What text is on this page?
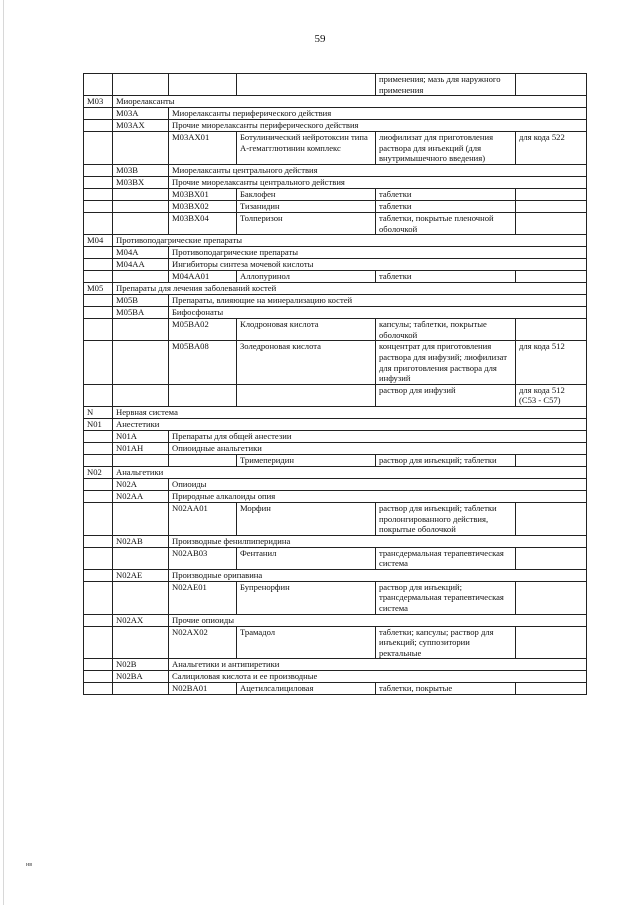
59
				применения; мазь для наружного применения	
M03	Миорелаксанты				
	M03A	Миорелаксанты периферического действия			
	M03AX	Прочие миорелаксанты периферического действия			
		M03AX01	Ботулинический нейротоксин типа А-гемагглютинин комплекс	лиофилизат для приготовления раствора для инъекций (для внутримышечного введения)	для кода 522
	M03B	Миорелаксанты центрального действия			
	M03BX	Прочие миорелаксанты центрального действия			
		M03BX01	Баклофен	таблетки	
		M03BX02	Тизанидин	таблетки	
		M03BX04	Толперизон	таблетки, покрытые пленочной оболочкой	
M04	Противоподагрические препараты				
	M04A	Противоподагрические препараты			
	M04AA	Ингибиторы синтеза мочевой кислоты			
		M04AA01	Аллопуринол	таблетки	
M05	Препараты для лечения заболеваний костей				
	M05B	Препараты, влияющие на минерализацию костей			
	M05BA	Бифосфонаты			
		M05BA02	Клодроновая кислота	капсулы; таблетки, покрытые оболочкой	
		M05BA08	Золедроновая кислота	концентрат для приготовления раствора для инфузий; лиофилизат для приготовления раствора для инфузий	для кода 512
				раствор для инфузий	для кода 512 (С53 - С57)
N	Нервная система				
N01	Анестетики				
	N01A	Препараты для общей анестезии			
	N01AH	Опиоидные анальгетики			
			Тримеперидин	раствор для инъекций; таблетки	
N02	Анальгетики				
	N02A	Опиоиды			
	N02AA	Природные алкалоиды опия			
		N02AA01	Морфин	раствор для инъекций; таблетки пролонгированного действия, покрытые оболочкой	
	N02AB	Производные фенилпиперидина			
		N02AB03	Фентанил	трансдермальная терапевтическая система	
	N02AE	Производные орипавина			
		N02AE01	Бупренорфин	раствор для инъекций; трансдермальная терапевтическая система	
	N02AX	Прочие опиоиды			
		N02AX02	Трамадол	таблетки; капсулы; раствор для инъекций; суппозитории ректальные	
	N02B	Анальгетики и антипиретики			
	N02BA	Салициловая кислота и ее производные			
		N02BA01	Ацетилсалициловая	таблетки, покрытые	
нв
